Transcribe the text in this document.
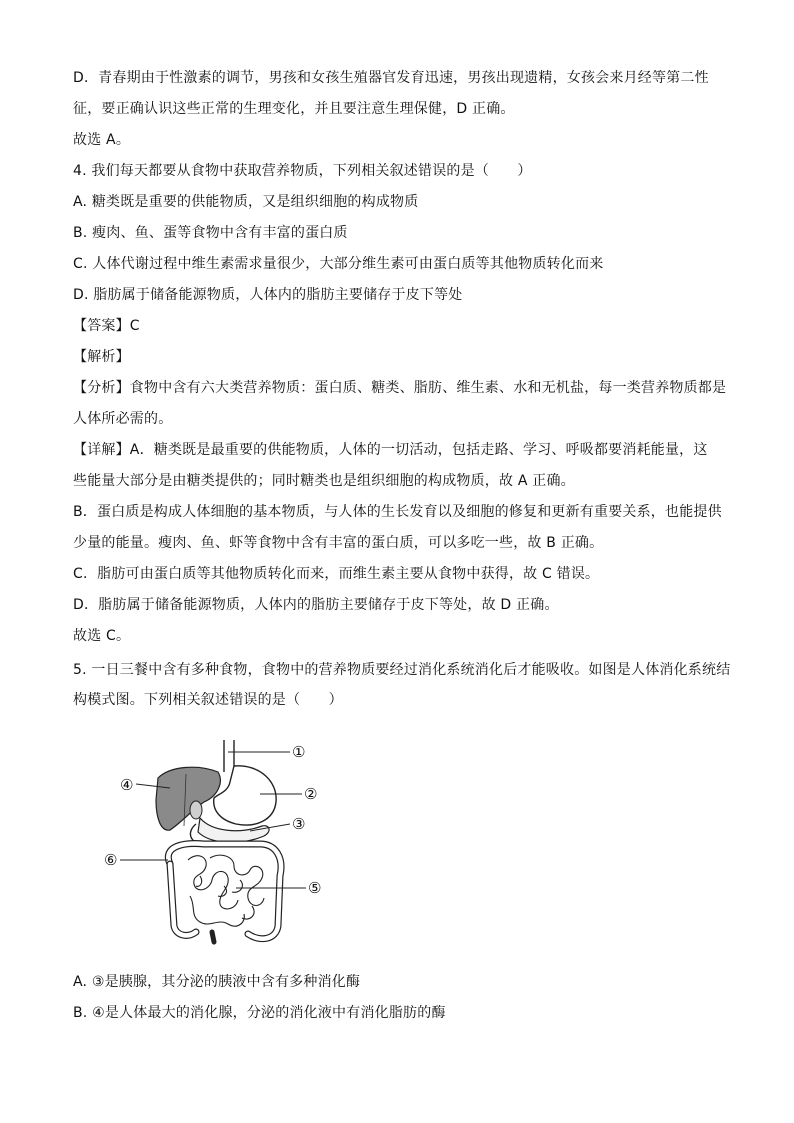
D．青春期由于性激素的调节，男孩和女孩生殖器官发育迅速，男孩出现遗精，女孩会来月经等第二性
征，要正确认识这些正常的生理变化，并且要注意生理保健，D 正确。
故选 A。
4. 我们每天都要从食物中获取营养物质，下列相关叙述错误的是（　　）
A. 糖类既是重要的供能物质，又是组织细胞的构成物质
B. 瘦肉、鱼、蛋等食物中含有丰富的蛋白质
C. 人体代谢过程中维生素需求量很少，大部分维生素可由蛋白质等其他物质转化而来
D. 脂肪属于储备能源物质，人体内的脂肪主要储存于皮下等处
【答案】C
【解析】
【分析】食物中含有六大类营养物质：蛋白质、糖类、脂肪、维生素、水和无机盐，每一类营养物质都是
人体所必需的。
【详解】A．糖类既是最重要的供能物质，人体的一切活动，包括走路、学习、呼吸都要消耗能量，这
些能量大部分是由糖类提供的；同时糖类也是组织细胞的构成物质，故 A 正确。
B．蛋白质是构成人体细胞的基本物质，与人体的生长发育以及细胞的修复和更新有重要关系，也能提供
少量的能量。瘦肉、鱼、虾等食物中含有丰富的蛋白质，可以多吃一些，故 B 正确。
C．脂肪可由蛋白质等其他物质转化而来，而维生素主要从食物中获得，故 C 错误。
D．脂肪属于储备能源物质，人体内的脂肪主要储存于皮下等处，故 D 正确。
故选 C。
5. 一日三餐中含有多种食物，食物中的营养物质要经过消化系统消化后才能吸收。如图是人体消化系统结
构模式图。下列相关叙述错误的是（　　）
①
②
③
④
⑤
⑥
A. ③是胰腺，其分泌的胰液中含有多种消化酶
B. ④是人体最大的消化腺，分泌的消化液中有消化脂肪的酶
